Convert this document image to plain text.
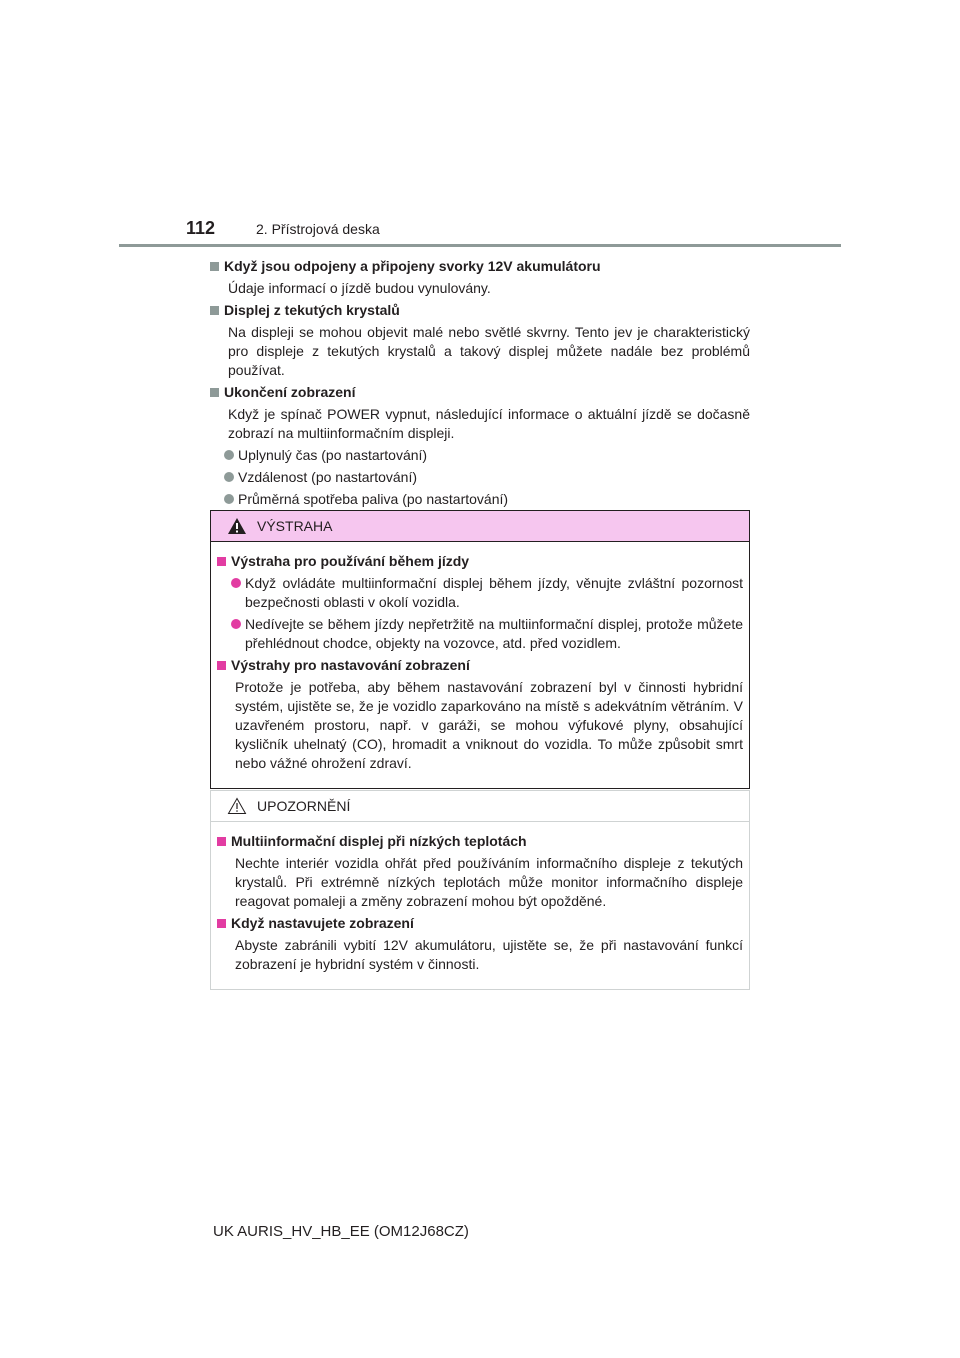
112	2. Přístrojová deska
Když jsou odpojeny a připojeny svorky 12V akumulátoru
Údaje informací o jízdě budou vynulovány.
Displej z tekutých krystalů
Na displeji se mohou objevit malé nebo světlé skvrny. Tento jev je charakteristický pro displeje z tekutých krystalů a takový displej můžete nadále bez problémů používat.
Ukončení zobrazení
Když je spínač POWER vypnut, následující informace o aktuální jízdě se dočasně zobrazí na multiinformačním displeji.
Uplynulý čas (po nastartování)
Vzdálenost (po nastartování)
Průměrná spotřeba paliva (po nastartování)
VÝSTRAHA
Výstraha pro používání během jízdy
Když ovládáte multiinformační displej během jízdy, věnujte zvláštní pozornost bezpečnosti oblasti v okolí vozidla.
Nedívejte se během jízdy nepřetržitě na multiinformační displej, protože můžete přehlédnout chodce, objekty na vozovce, atd. před vozidlem.
Výstrahy pro nastavování zobrazení
Protože je potřeba, aby během nastavování zobrazení byl v činnosti hybridní systém, ujistěte se, že je vozidlo zaparkováno na místě s adekvátním větráním. V uzavřeném prostoru, např. v garáži, se mohou výfukové plyny, obsahující kysličník uhelnatý (CO), hromadit a vniknout do vozidla. To může způsobit smrt nebo vážné ohrožení zdraví.
UPOZORNĚNÍ
Multiinformační displej při nízkých teplotách
Nechte interiér vozidla ohřát před používáním informačního displeje z tekutých krystalů. Při extrémně nízkých teplotách může monitor informačního displeje reagovat pomaleji a změny zobrazení mohou být opožděné.
Když nastavujete zobrazení
Abyste zabránili vybití 12V akumulátoru, ujistěte se, že při nastavování funkcí zobrazení je hybridní systém v činnosti.
UK AURIS_HV_HB_EE (OM12J68CZ)
